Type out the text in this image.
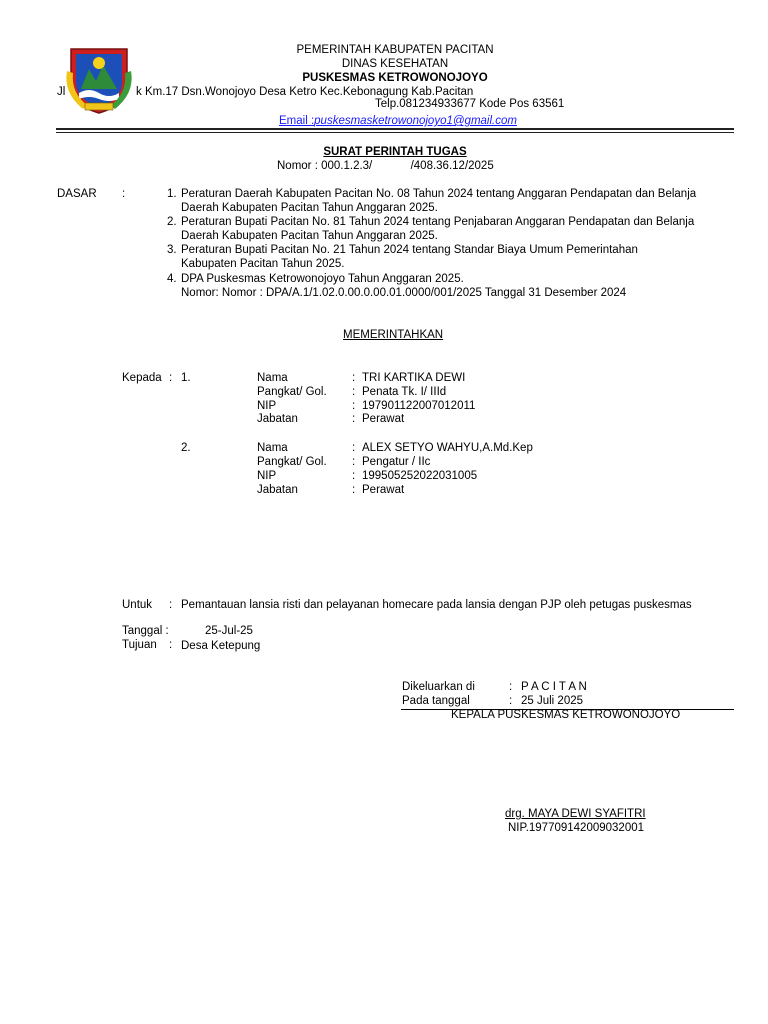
PEMERINTAH KABUPATEN PACITAN
DINAS KESEHATAN
PUSKESMAS KETROWONOJOYO
Jl	k Km.17 Dsn.Wonojoyo Desa Ketro Kec.Kebonagung Kab.Pacitan
Telp.081234933677 Kode Pos 63561
Email :puskesmasketrowonojoyo1@gmail.com
SURAT PERINTAH TUGAS
Nomor : 000.1.2.3/            /408.36.12/2025
DASAR :	1. Peraturan Daerah Kabupaten Pacitan No. 08 Tahun 2024 tentang Anggaran Pendapatan dan Belanja
Daerah Kabupaten Pacitan Tahun Anggaran 2025.
2. Peraturan Bupati Pacitan No. 81 Tahun 2024 tentang Penjabaran Anggaran Pendapatan dan Belanja
Daerah Kabupaten Pacitan Tahun Anggaran 2025.
3. Peraturan Bupati Pacitan No. 21 Tahun 2024 tentang Standar Biaya Umum Pemerintahan
Kabupaten Pacitan Tahun 2025.
4. DPA Puskesmas Ketrowonojoyo Tahun Anggaran 2025.
Nomor: Nomor : DPA/A.1/1.02.0.00.0.00.01.0000/001/2025 Tanggal 31 Desember 2024
MEMERINTAHKAN
Kepada : 1.	Nama	: TRI KARTIKA DEWI
Pangkat/ Gol. : Penata Tk. I/ IIId
NIP	: 197901122007012011
Jabatan	: Perawat
2.	Nama	: ALEX SETYO WAHYU,A.Md.Kep
Pangkat/ Gol. : Pengatur / IIc
NIP	: 199505252022031005
Jabatan	: Perawat
Untuk : Pemantauan lansia risti dan pelayanan homecare pada lansia dengan PJP oleh petugas puskesmas
Tanggal :	25-Jul-25
Tujuan : Desa Ketepung
Dikeluarkan di	: P A C I T A N
Pada tanggal	: 25 Juli 2025
KEPALA PUSKESMAS KETROWONOJOYO
drg. MAYA DEWI SYAFITRI
NIP.197709142009032001
